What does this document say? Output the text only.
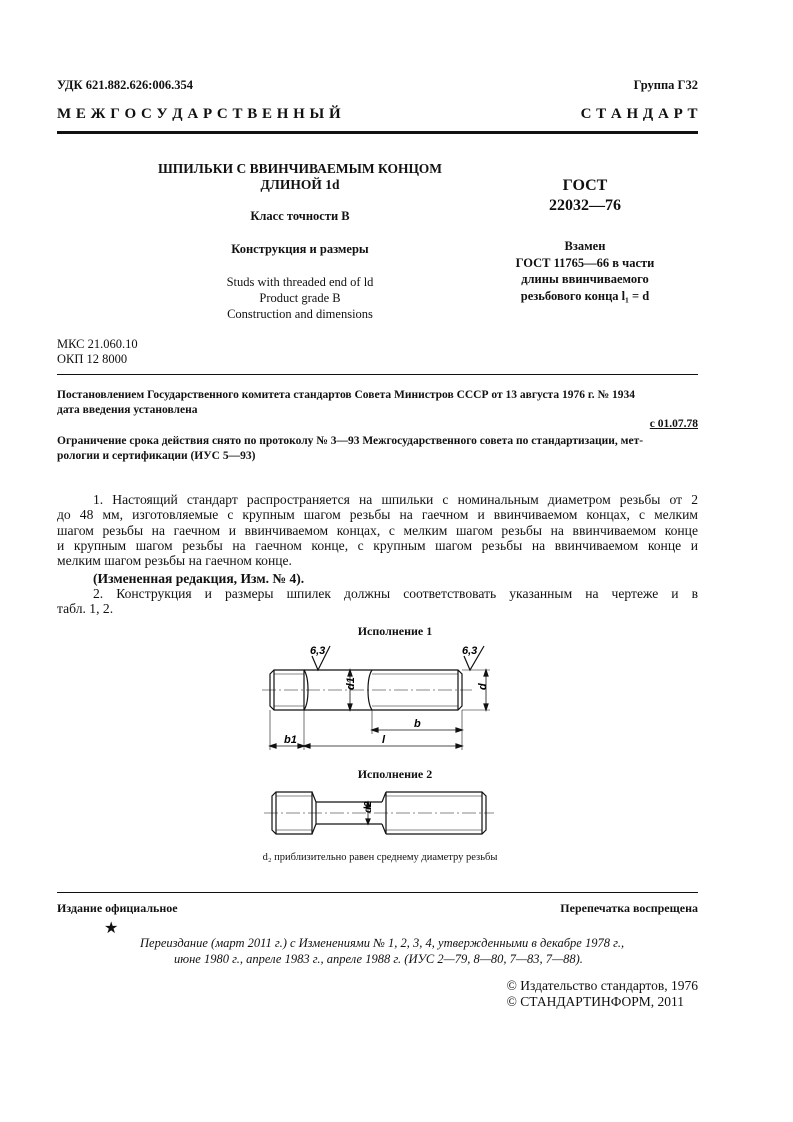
УДК 621.882.626:006.354	Группа Г32
М Е Ж Г О С У Д А Р С Т В Е Н Н Ы Й	С Т А Н Д А Р Т
ШПИЛЬКИ С ВВИНЧИВАЕМЫМ КОНЦОМ
ДЛИНОЙ 1d
Класс точности В
Конструкция и размеры
Studs with threaded end of ld
Product grade B
Construction and dimensions
ГОСТ
22032—76
Взамен
ГОСТ 11765—66 в части
длины ввинчиваемого
резьбового конца l₁ = d
МКС 21.060.10
ОКП 12 8000
Постановлением Государственного комитета стандартов Совета Министров СССР от 13 августа 1976 г. № 1934
дата введения установлена
с 01.07.78
Ограничение срока действия снято по протоколу № 3—93 Межгосударственного совета по стандартизации, мет-
рологии и сертификации (ИУС 5—93)
1. Настоящий стандарт распространяется на шпильки с номинальным диаметром резьбы от 2
до 48 мм, изготовляемые с крупным шагом резьбы на гаечном и ввинчиваемом концах, с мелким
шагом резьбы на гаечном и ввинчиваемом концах, с мелким шагом резьбы на ввинчиваемом конце
и крупным шагом резьбы на гаечном конце, с крупным шагом резьбы на ввинчиваемом конце и
мелким шагом резьбы на гаечном конце.
(Измененная редакция, Изм. № 4).
2. Конструкция и размеры шпилек должны соответствовать указанным на чертеже и в
табл. 1, 2.
Исполнение 1
Исполнение 2
6,3	6,3
d1	d
b
b1	l
d2
d₂ приблизительно равен среднему диаметру резьбы
Издание официальное	Перепечатка воспрещена
★
Переиздание (март 2011 г.) с Изменениями № 1, 2, 3, 4, утвержденными в декабре 1978 г.,
июне 1980 г., апреле 1983 г., апреле 1988 г. (ИУС 2—79, 8—80, 7—83, 7—88).
© Издательство стандартов, 1976
© СТАНДАРТИНФОРМ, 2011
